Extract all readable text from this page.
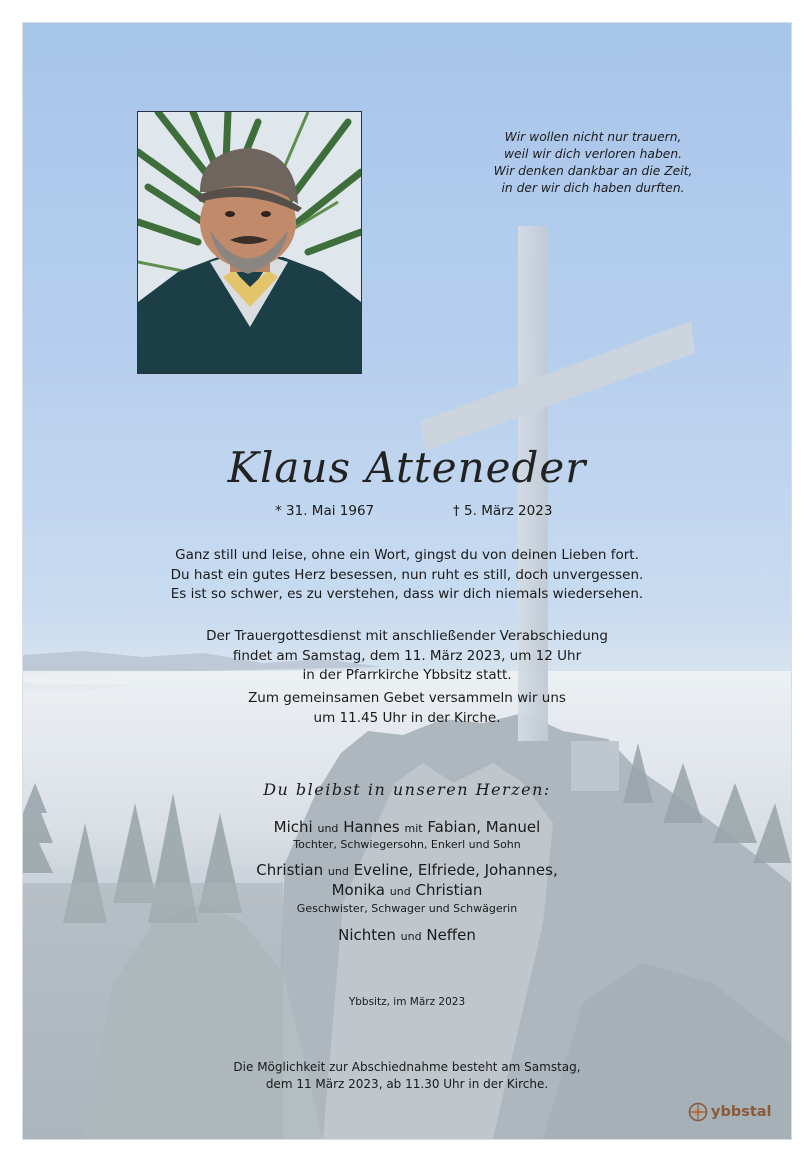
Wir wollen nicht nur trauern,
weil wir dich verloren haben.
Wir denken dankbar an die Zeit,
in der wir dich haben durften.
Klaus Atteneder
* 31. Mai 1967	† 5. März 2023
Ganz still und leise, ohne ein Wort, gingst du von deinen Lieben fort.
Du hast ein gutes Herz besessen, nun ruht es still, doch unvergessen.
Es ist so schwer, es zu verstehen, dass wir dich niemals wiedersehen.
Der Trauergottesdienst mit anschließender Verabschiedung
findet am Samstag, dem 11. März 2023, um 12 Uhr
in der Pfarrkirche Ybbsitz statt.
Zum gemeinsamen Gebet versammeln wir uns
um 11.45 Uhr in der Kirche.
Du bleibst in unseren Herzen:
Michi und Hannes mit Fabian, Manuel
Tochter, Schwiegersohn, Enkerl und Sohn
Christian und Eveline, Elfriede, Johannes,
Monika und Christian
Geschwister, Schwager und Schwägerin
Nichten und Neffen
Ybbsitz, im März 2023
Die Möglichkeit zur Abschiednahme besteht am Samstag,
dem 11 März 2023, ab 11.30 Uhr in der Kirche.
ybbstal
